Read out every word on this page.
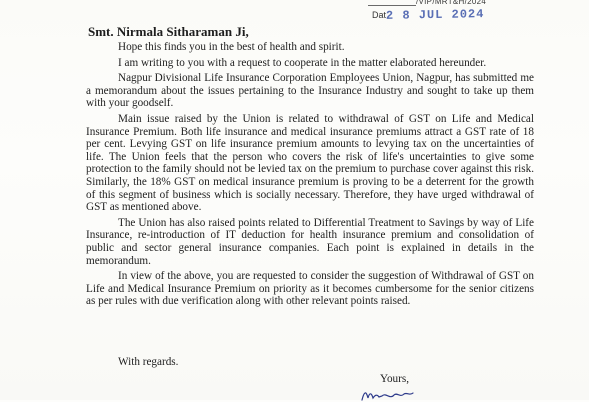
/VIP/MRT&H/2024
Dat2 8 JUL 2024
Smt. Nirmala Sitharaman Ji,

Hope this finds you in the best of health and spirit.

I am writing to you with a request to cooperate in the matter elaborated hereunder.

Nagpur Divisional Life Insurance Corporation Employees Union, Nagpur, has submitted me a memorandum about the issues pertaining to the Insurance Industry and sought to take up them with your goodself.

Main issue raised by the Union is related to withdrawal of GST on Life and Medical Insurance Premium. Both life insurance and medical insurance premiums attract a GST rate of 18 per cent. Levying GST on life insurance premium amounts to levying tax on the uncertainties of life. The Union feels that the person who covers the risk of life's uncertainties to give some protection to the family should not be levied tax on the premium to purchase cover against this risk. Similarly, the 18% GST on medical insurance premium is proving to be a deterrent for the growth of this segment of business which is socially necessary. Therefore, they have urged withdrawal of GST as mentioned above.

The Union has also raised points related to Differential Treatment to Savings by way of Life Insurance, re-introduction of IT deduction for health insurance premium and consolidation of public and sector general insurance companies. Each point is explained in details in the memorandum.

In view of the above, you are requested to consider the suggestion of Withdrawal of GST on Life and Medical Insurance Premium on priority as it becomes cumbersome for the senior citizens as per rules with due verification along with other relevant points raised.

With regards.
Yours,
